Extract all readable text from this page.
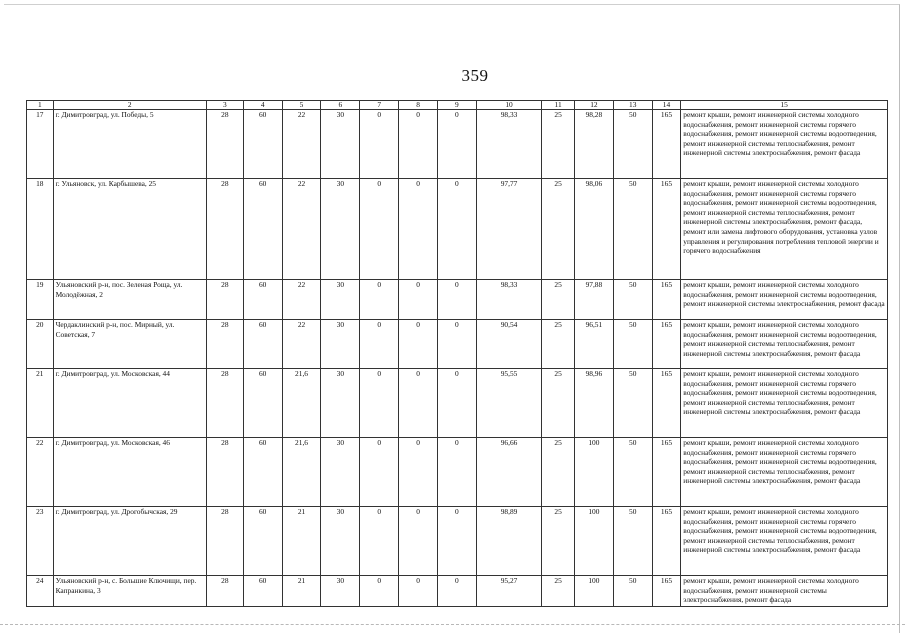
359
1	2	3	4	5	6	7	8	9	10	11	12	13	14	15
17	г. Димитровград, ул. Победы, 5	28	60	22	30	0	0	0	98,33	25	98,28	50	165	ремонт крыши, ремонт инженерной системы холодного водоснабжения, ремонт инженерной системы горячего водоснабжения, ремонт инженерной системы водоотведения, ремонт инженерной системы теплоснабжения, ремонт инженерной системы электроснабжения, ремонт фасада
18	г. Ульяновск, ул. Карбышева, 25	28	60	22	30	0	0	0	97,77	25	98,06	50	165	ремонт крыши, ремонт инженерной системы холодного водоснабжения, ремонт инженерной системы горячего водоснабжения, ремонт инженерной системы водоотведения, ремонт инженерной системы теплоснабжения, ремонт инженерной системы электроснабжения, ремонт фасада, ремонт или замена лифтового оборудования, установка узлов управления и регулирования потребления тепловой энергии и горячего водоснабжения
19	Ульяновский р-н, пос. Зеленая Роща, ул. Молодёжная, 2	28	60	22	30	0	0	0	98,33	25	97,88	50	165	ремонт крыши, ремонт инженерной системы холодного водоснабжения, ремонт инженерной системы водоотведения, ремонт инженерной системы электроснабжения, ремонт фасада
20	Чердаклинский р-н, пос. Мирный, ул. Советская, 7	28	60	22	30	0	0	0	90,54	25	96,51	50	165	ремонт крыши, ремонт инженерной системы холодного водоснабжения, ремонт инженерной системы водоотведения, ремонт инженерной системы теплоснабжения, ремонт инженерной системы электроснабжения, ремонт фасада
21	г. Димитровград, ул. Московская, 44	28	60	21,6	30	0	0	0	95,55	25	98,96	50	165	ремонт крыши, ремонт инженерной системы холодного водоснабжения, ремонт инженерной системы горячего водоснабжения, ремонт инженерной системы водоотведения, ремонт инженерной системы теплоснабжения, ремонт инженерной системы электроснабжения, ремонт фасада
22	г. Димитровград, ул. Московская, 46	28	60	21,6	30	0	0	0	96,66	25	100	50	165	ремонт крыши, ремонт инженерной системы холодного водоснабжения, ремонт инженерной системы горячего водоснабжения, ремонт инженерной системы водоотведения, ремонт инженерной системы теплоснабжения, ремонт инженерной системы электроснабжения, ремонт фасада
23	г. Димитровград, ул. Дрогобычская, 29	28	60	21	30	0	0	0	98,89	25	100	50	165	ремонт крыши, ремонт инженерной системы холодного водоснабжения, ремонт инженерной системы горячего водоснабжения, ремонт инженерной системы водоотведения, ремонт инженерной системы теплоснабжения, ремонт инженерной системы электроснабжения, ремонт фасада
24	Ульяновский р-н, с. Большие Ключищи, пер. Капранкина, 3	28	60	21	30	0	0	0	95,27	25	100	50	165	ремонт крыши, ремонт инженерной системы холодного водоснабжения, ремонт инженерной системы электроснабжения, ремонт фасада
